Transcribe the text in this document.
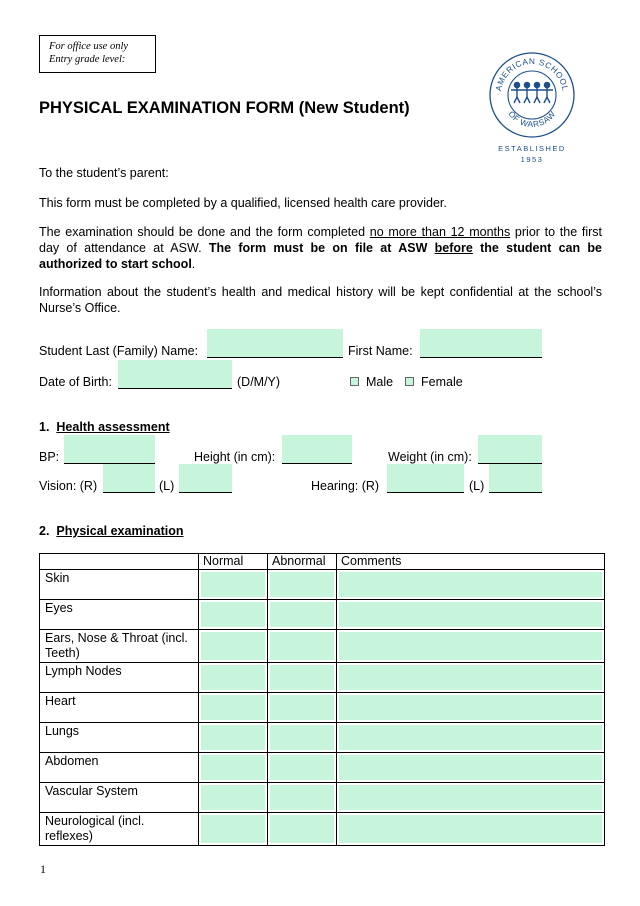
For office use only
Entry grade level:
PHYSICAL EXAMINATION FORM (New Student)
AMERICAN SCHOOL
OF WARSAW
ESTABLISHED
1953
To the student’s parent:
This form must be completed by a qualified, licensed health care provider.
The examination should be done and the form completed no more than 12 months prior to the first day of attendance at ASW. The form must be on file at ASW before the student can be authorized to start school.
Information about the student’s health and medical history will be kept confidential at the school’s Nurse’s Office.
Student Last (Family) Name:	First Name:
Date of Birth:	(D/M/Y)	Male Female
1. Health assessment
BP:	Height (in cm):	Weight (in cm):
Vision: (R)	(L)	Hearing: (R)	(L)
2. Physical examination
	Normal	Abnormal	Comments
Skin	

Eyes	

Ears, Nose & Throat (incl. Teeth)	

Lymph Nodes	

Heart	

Lungs	

Abdomen	

Vascular System	

Neurological (incl. reflexes)	

1
